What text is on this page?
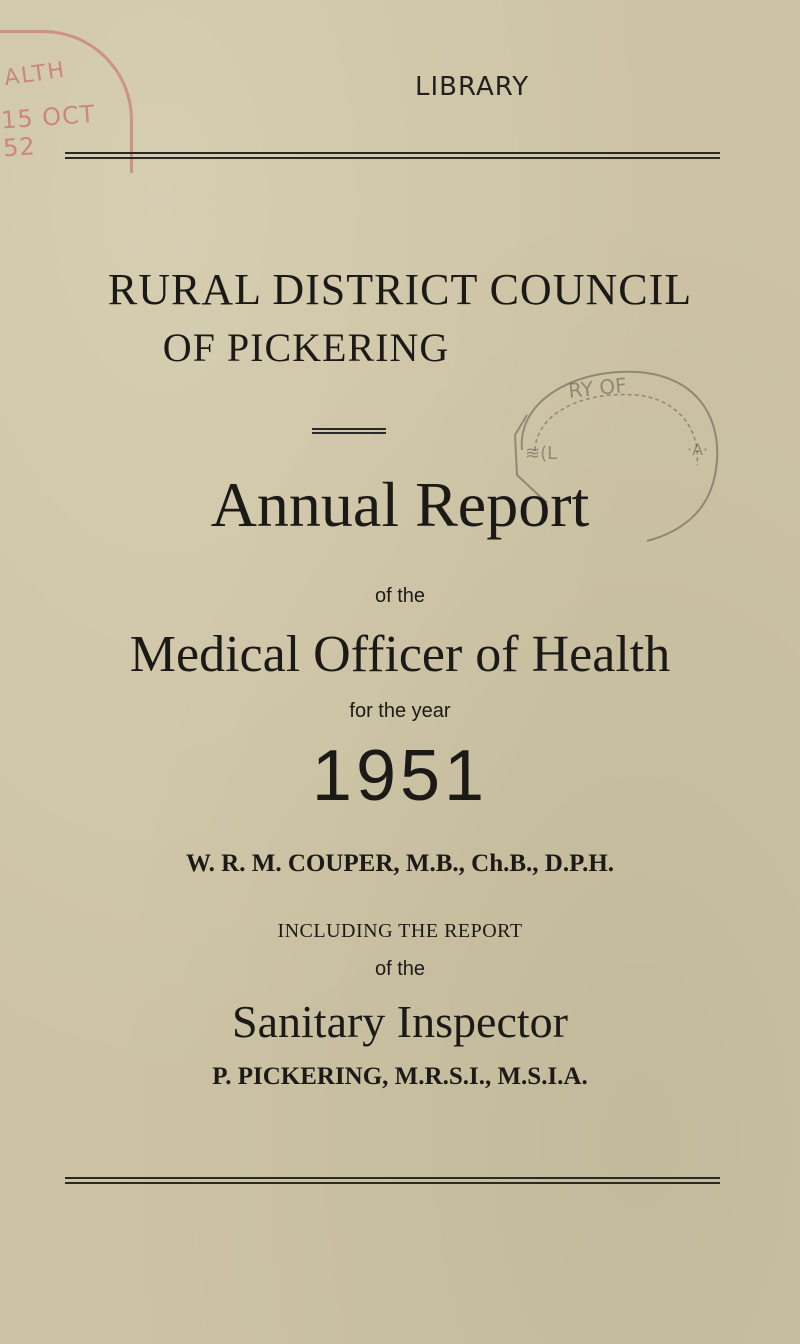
ALTH
15 OCT 52
LIBRARY
RURAL DISTRICT COUNCIL
OF PICKERING
RY OF
≋(L	·A·
Annual Report
of the
Medical Officer of Health
for the year
1951
W. R. M. COUPER, M.B., Ch.B., D.P.H.
INCLUDING THE REPORT
of the
Sanitary Inspector
P. PICKERING, M.R.S.I., M.S.I.A.
